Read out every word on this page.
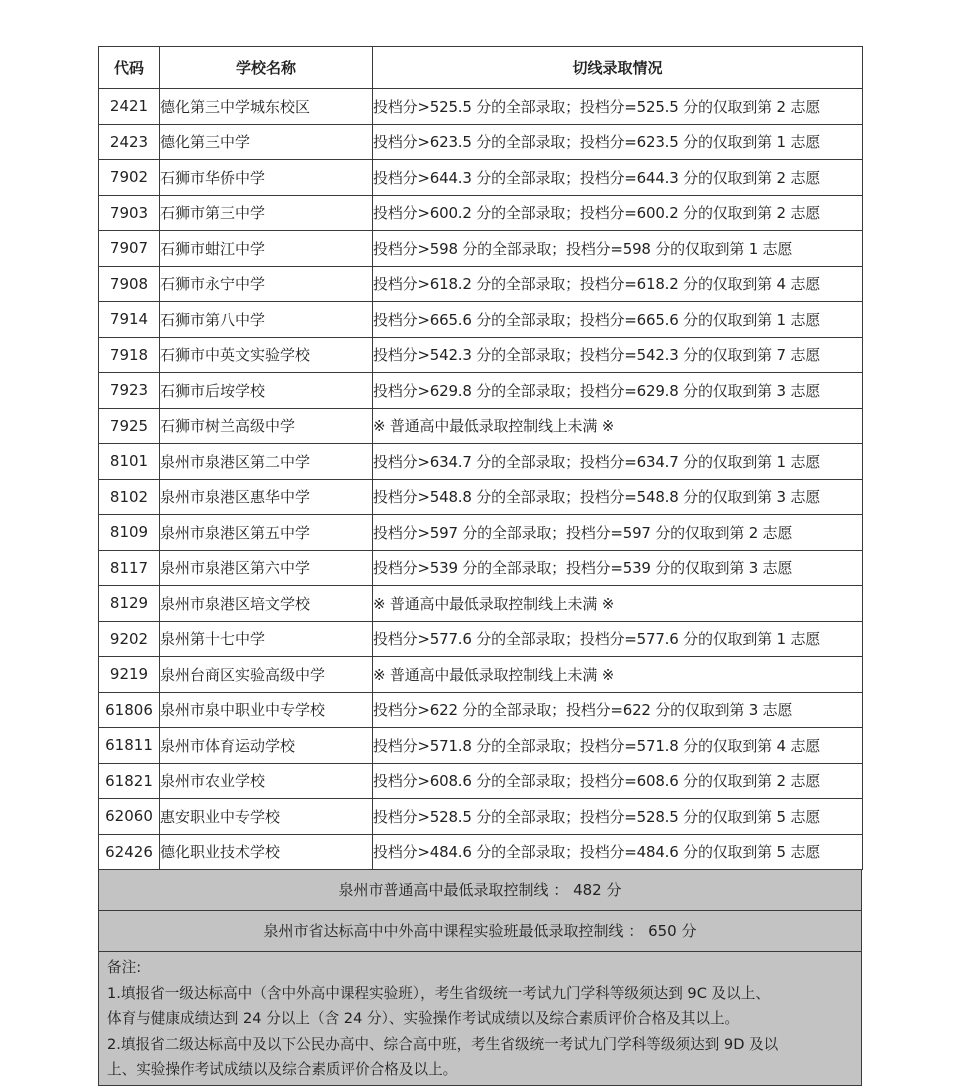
代码	学校名称	切线录取情况
2421	德化第三中学城东校区	投档分>525.5 分的全部录取；投档分=525.5 分的仅取到第 2 志愿
2423	德化第三中学	投档分>623.5 分的全部录取；投档分=623.5 分的仅取到第 1 志愿
7902	石狮市华侨中学	投档分>644.3 分的全部录取；投档分=644.3 分的仅取到第 2 志愿
7903	石狮市第三中学	投档分>600.2 分的全部录取；投档分=600.2 分的仅取到第 2 志愿
7907	石狮市蚶江中学	投档分>598 分的全部录取；投档分=598 分的仅取到第 1 志愿
7908	石狮市永宁中学	投档分>618.2 分的全部录取；投档分=618.2 分的仅取到第 4 志愿
7914	石狮市第八中学	投档分>665.6 分的全部录取；投档分=665.6 分的仅取到第 1 志愿
7918	石狮市中英文实验学校	投档分>542.3 分的全部录取；投档分=542.3 分的仅取到第 7 志愿
7923	石狮市后垵学校	投档分>629.8 分的全部录取；投档分=629.8 分的仅取到第 3 志愿
7925	石狮市树兰高级中学	※ 普通高中最低录取控制线上未满 ※
8101	泉州市泉港区第二中学	投档分>634.7 分的全部录取；投档分=634.7 分的仅取到第 1 志愿
8102	泉州市泉港区惠华中学	投档分>548.8 分的全部录取；投档分=548.8 分的仅取到第 3 志愿
8109	泉州市泉港区第五中学	投档分>597 分的全部录取；投档分=597 分的仅取到第 2 志愿
8117	泉州市泉港区第六中学	投档分>539 分的全部录取；投档分=539 分的仅取到第 3 志愿
8129	泉州市泉港区培文学校	※ 普通高中最低录取控制线上未满 ※
9202	泉州第十七中学	投档分>577.6 分的全部录取；投档分=577.6 分的仅取到第 1 志愿
9219	泉州台商区实验高级中学	※ 普通高中最低录取控制线上未满 ※
61806	泉州市泉中职业中专学校	投档分>622 分的全部录取；投档分=622 分的仅取到第 3 志愿
61811	泉州市体育运动学校	投档分>571.8 分的全部录取；投档分=571.8 分的仅取到第 4 志愿
61821	泉州市农业学校	投档分>608.6 分的全部录取；投档分=608.6 分的仅取到第 2 志愿
62060	惠安职业中专学校	投档分>528.5 分的全部录取；投档分=528.5 分的仅取到第 5 志愿
62426	德化职业技术学校	投档分>484.6 分的全部录取；投档分=484.6 分的仅取到第 5 志愿
泉州市普通高中最低录取控制线 ： 482 分
泉州市省达标高中中外高中课程实验班最低录取控制线 ： 650 分
备注:
1.填报省一级达标高中（含中外高中课程实验班），考生省级统一考试九门学科等级须达到 9C 及以上、
体育与健康成绩达到 24 分以上（含 24 分）、实验操作考试成绩以及综合素质评价合格及其以上。
2.填报省二级达标高中及以下公民办高中、综合高中班，考生省级统一考试九门学科等级须达到 9D 及以
上、实验操作考试成绩以及综合素质评价合格及以上。
